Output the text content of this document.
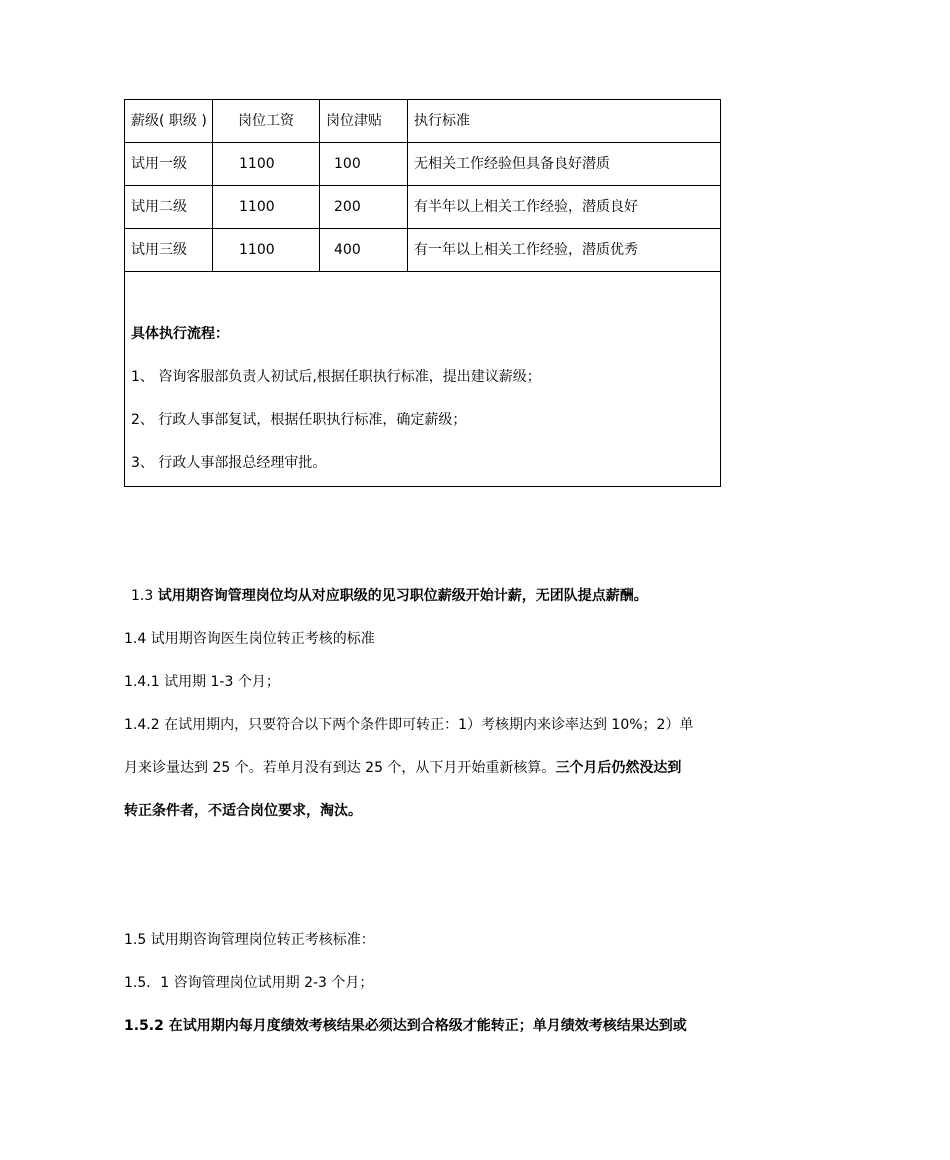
薪级( 职级 )	岗位工资	岗位津贴	执行标准
试用一级	1100	100	无相关工作经验但具备良好潜质
试用二级	1100	200	有半年以上相关工作经验，潜质良好
试用三级	1100	400	有一年以上相关工作经验，潜质优秀

具体执行流程：
1、 咨询客服部负责人初试后,根据任职执行标准，提出建议薪级；
2、 行政人事部复试，根据任职执行标准，确定薪级；
3、 行政人事部报总经理审批。			
1.3 试用期咨询管理岗位均从对应职级的见习职位薪级开始计薪，无团队提点薪酬。
1.4 试用期咨询医生岗位转正考核的标准
1.4.1 试用期 1-3 个月；
1.4.2 在试用期内，只要符合以下两个条件即可转正：1）考核期内来诊率达到 10%；2）单
月来诊量达到 25 个。若单月没有到达 25 个，从下月开始重新核算。三个月后仍然没达到
转正条件者，不适合岗位要求，淘汰。
1.5 试用期咨询管理岗位转正考核标准：
1.5．1 咨询管理岗位试用期 2-3 个月；
1.5.2 在试用期内每月度绩效考核结果必须达到合格级才能转正；单月绩效考核结果达到或
